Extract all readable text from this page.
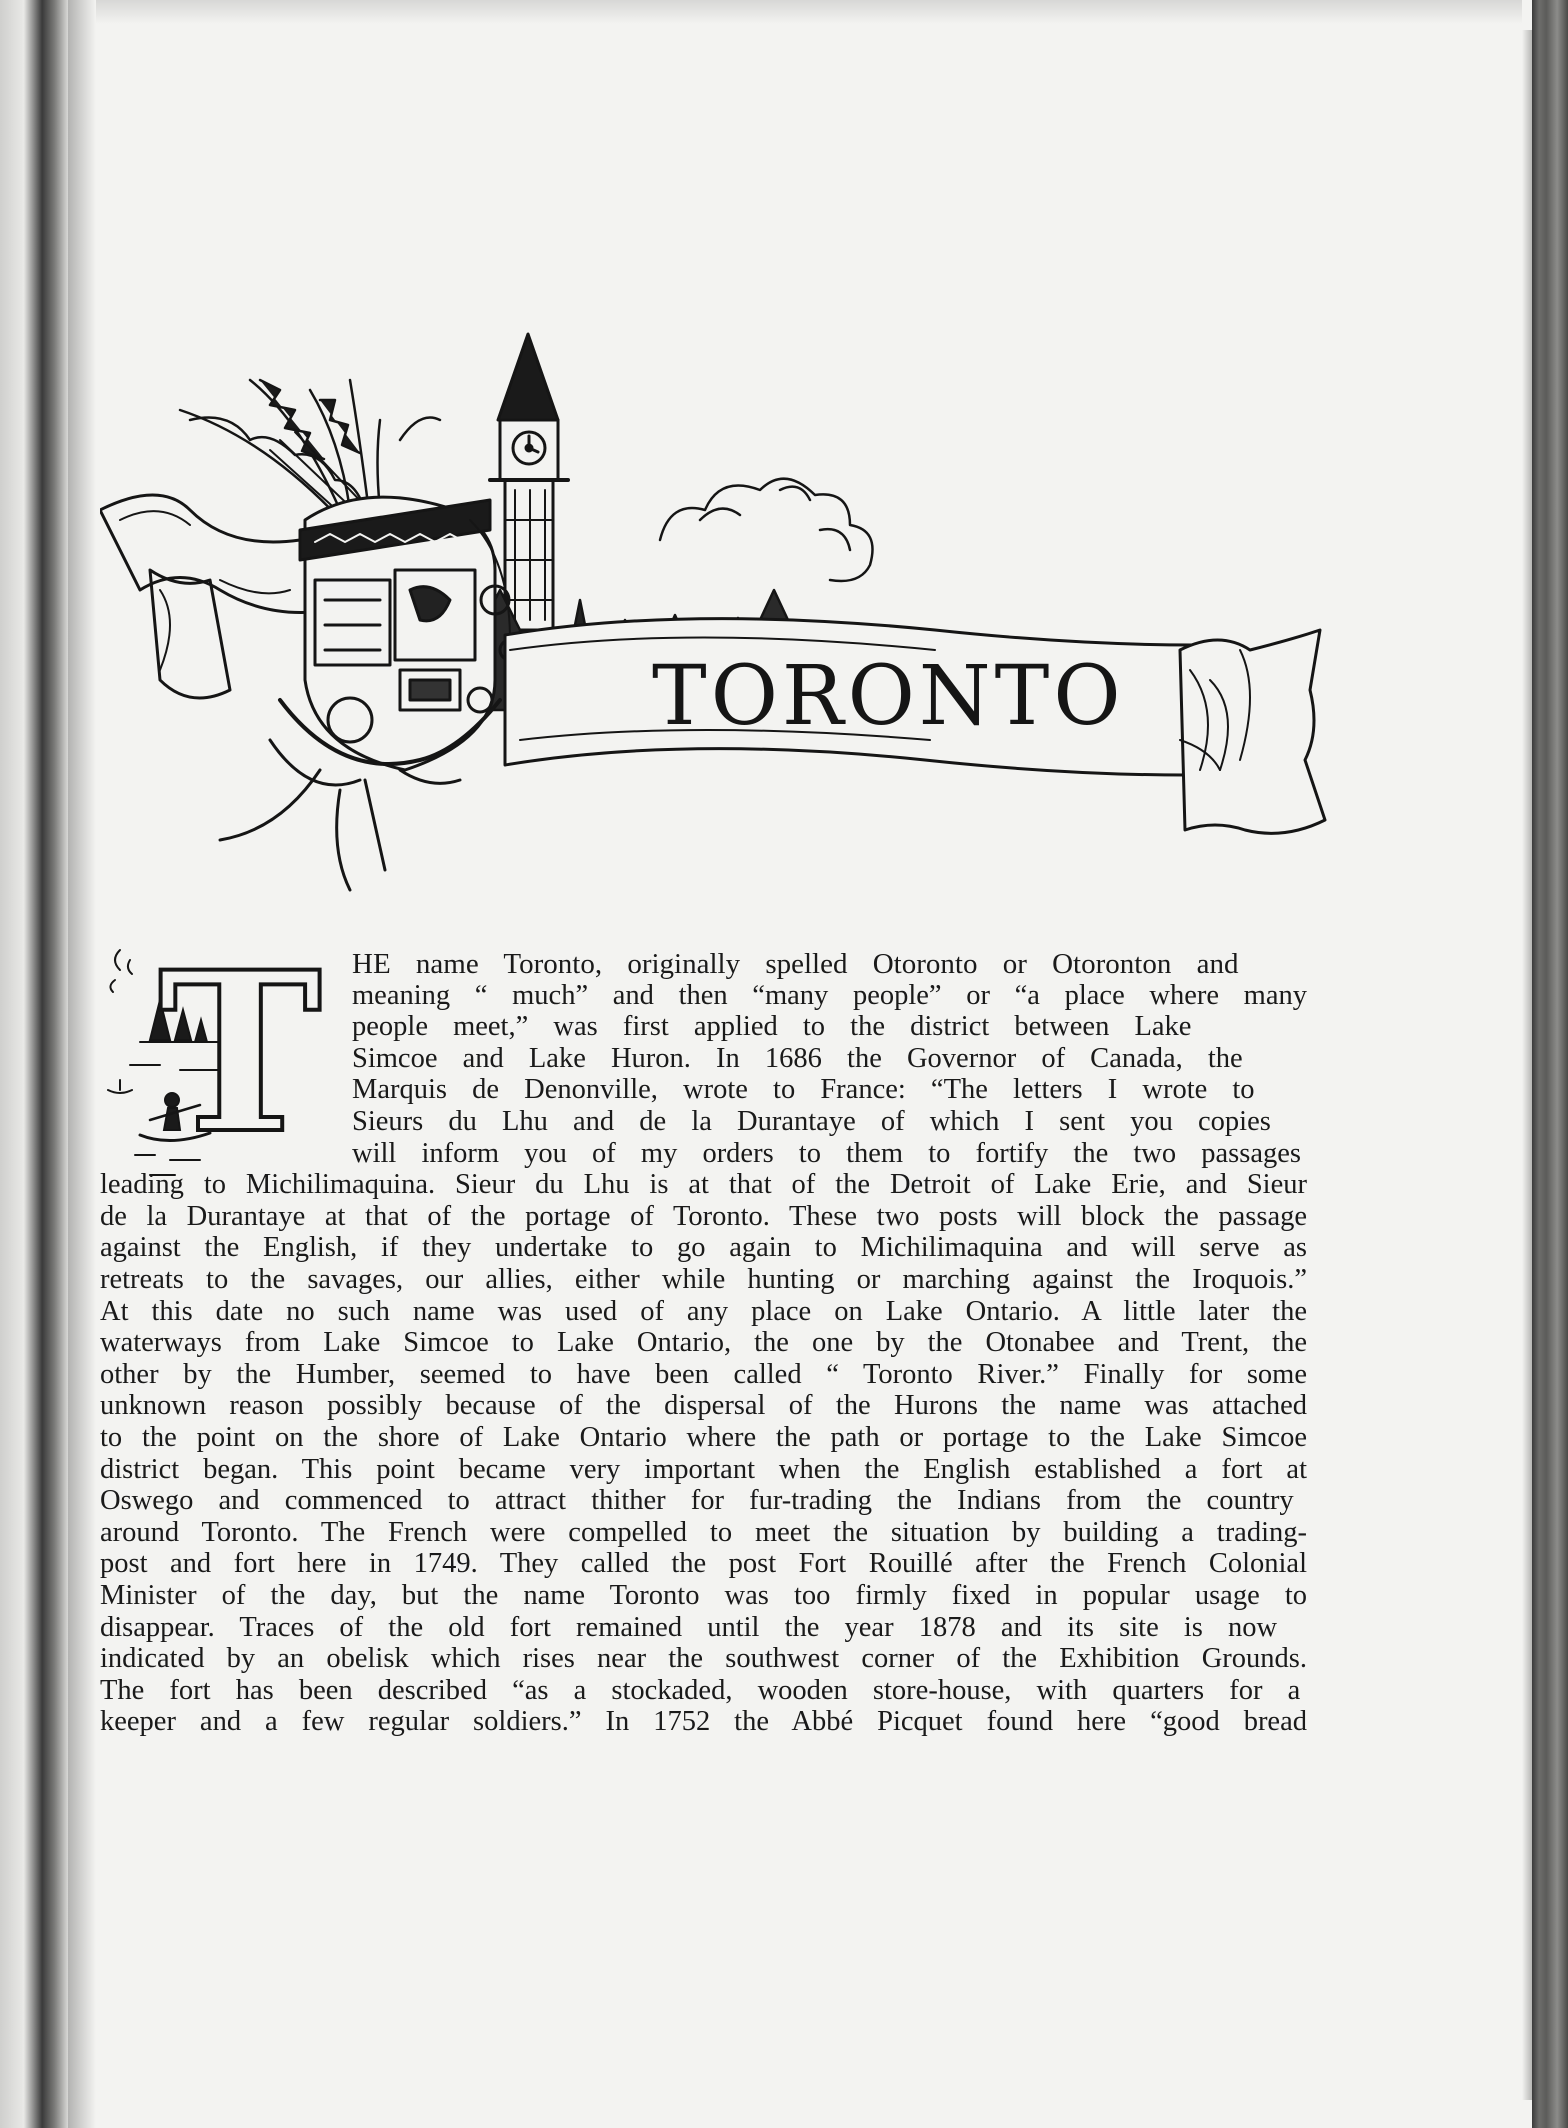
TORONTO
T HE name Toronto, originally spelled Otoronto or Otoronton and
meaning “ much” and then “many people” or “a place where many
people meet,” was first applied to the district between Lake
Simcoe and Lake Huron. In 1686 the Governor of Canada, the
Marquis de Denonville, wrote to France: “The letters I wrote to
Sieurs du Lhu and de la Durantaye of which I sent you copies
will inform you of my orders to them to fortify the two passages
leading to Michilimaquina. Sieur du Lhu is at that of the Detroit of Lake Erie, and Sieur
de la Durantaye at that of the portage of Toronto. These two posts will block the passage
against the English, if they undertake to go again to Michilimaquina and will serve as
retreats to the savages, our allies, either while hunting or marching against the Iroquois.”
At this date no such name was used of any place on Lake Ontario. A little later the
waterways from Lake Simcoe to Lake Ontario, the one by the Otonabee and Trent, the
other by the Humber, seemed to have been called “ Toronto River.” Finally for some
unknown reason possibly because of the dispersal of the Hurons the name was attached
to the point on the shore of Lake Ontario where the path or portage to the Lake Simcoe
district began. This point became very important when the English established a fort at
Oswego and commenced to attract thither for fur-trading the Indians from the country
around Toronto. The French were compelled to meet the situation by building a trading-
post and fort here in 1749. They called the post Fort Rouillé after the French Colonial
Minister of the day, but the name Toronto was too firmly fixed in popular usage to
disappear. Traces of the old fort remained until the year 1878 and its site is now
indicated by an obelisk which rises near the southwest corner of the Exhibition Grounds.
The fort has been described “as a stockaded, wooden store-house, with quarters for a
keeper and a few regular soldiers.” In 1752 the Abbé Picquet found here “good bread
